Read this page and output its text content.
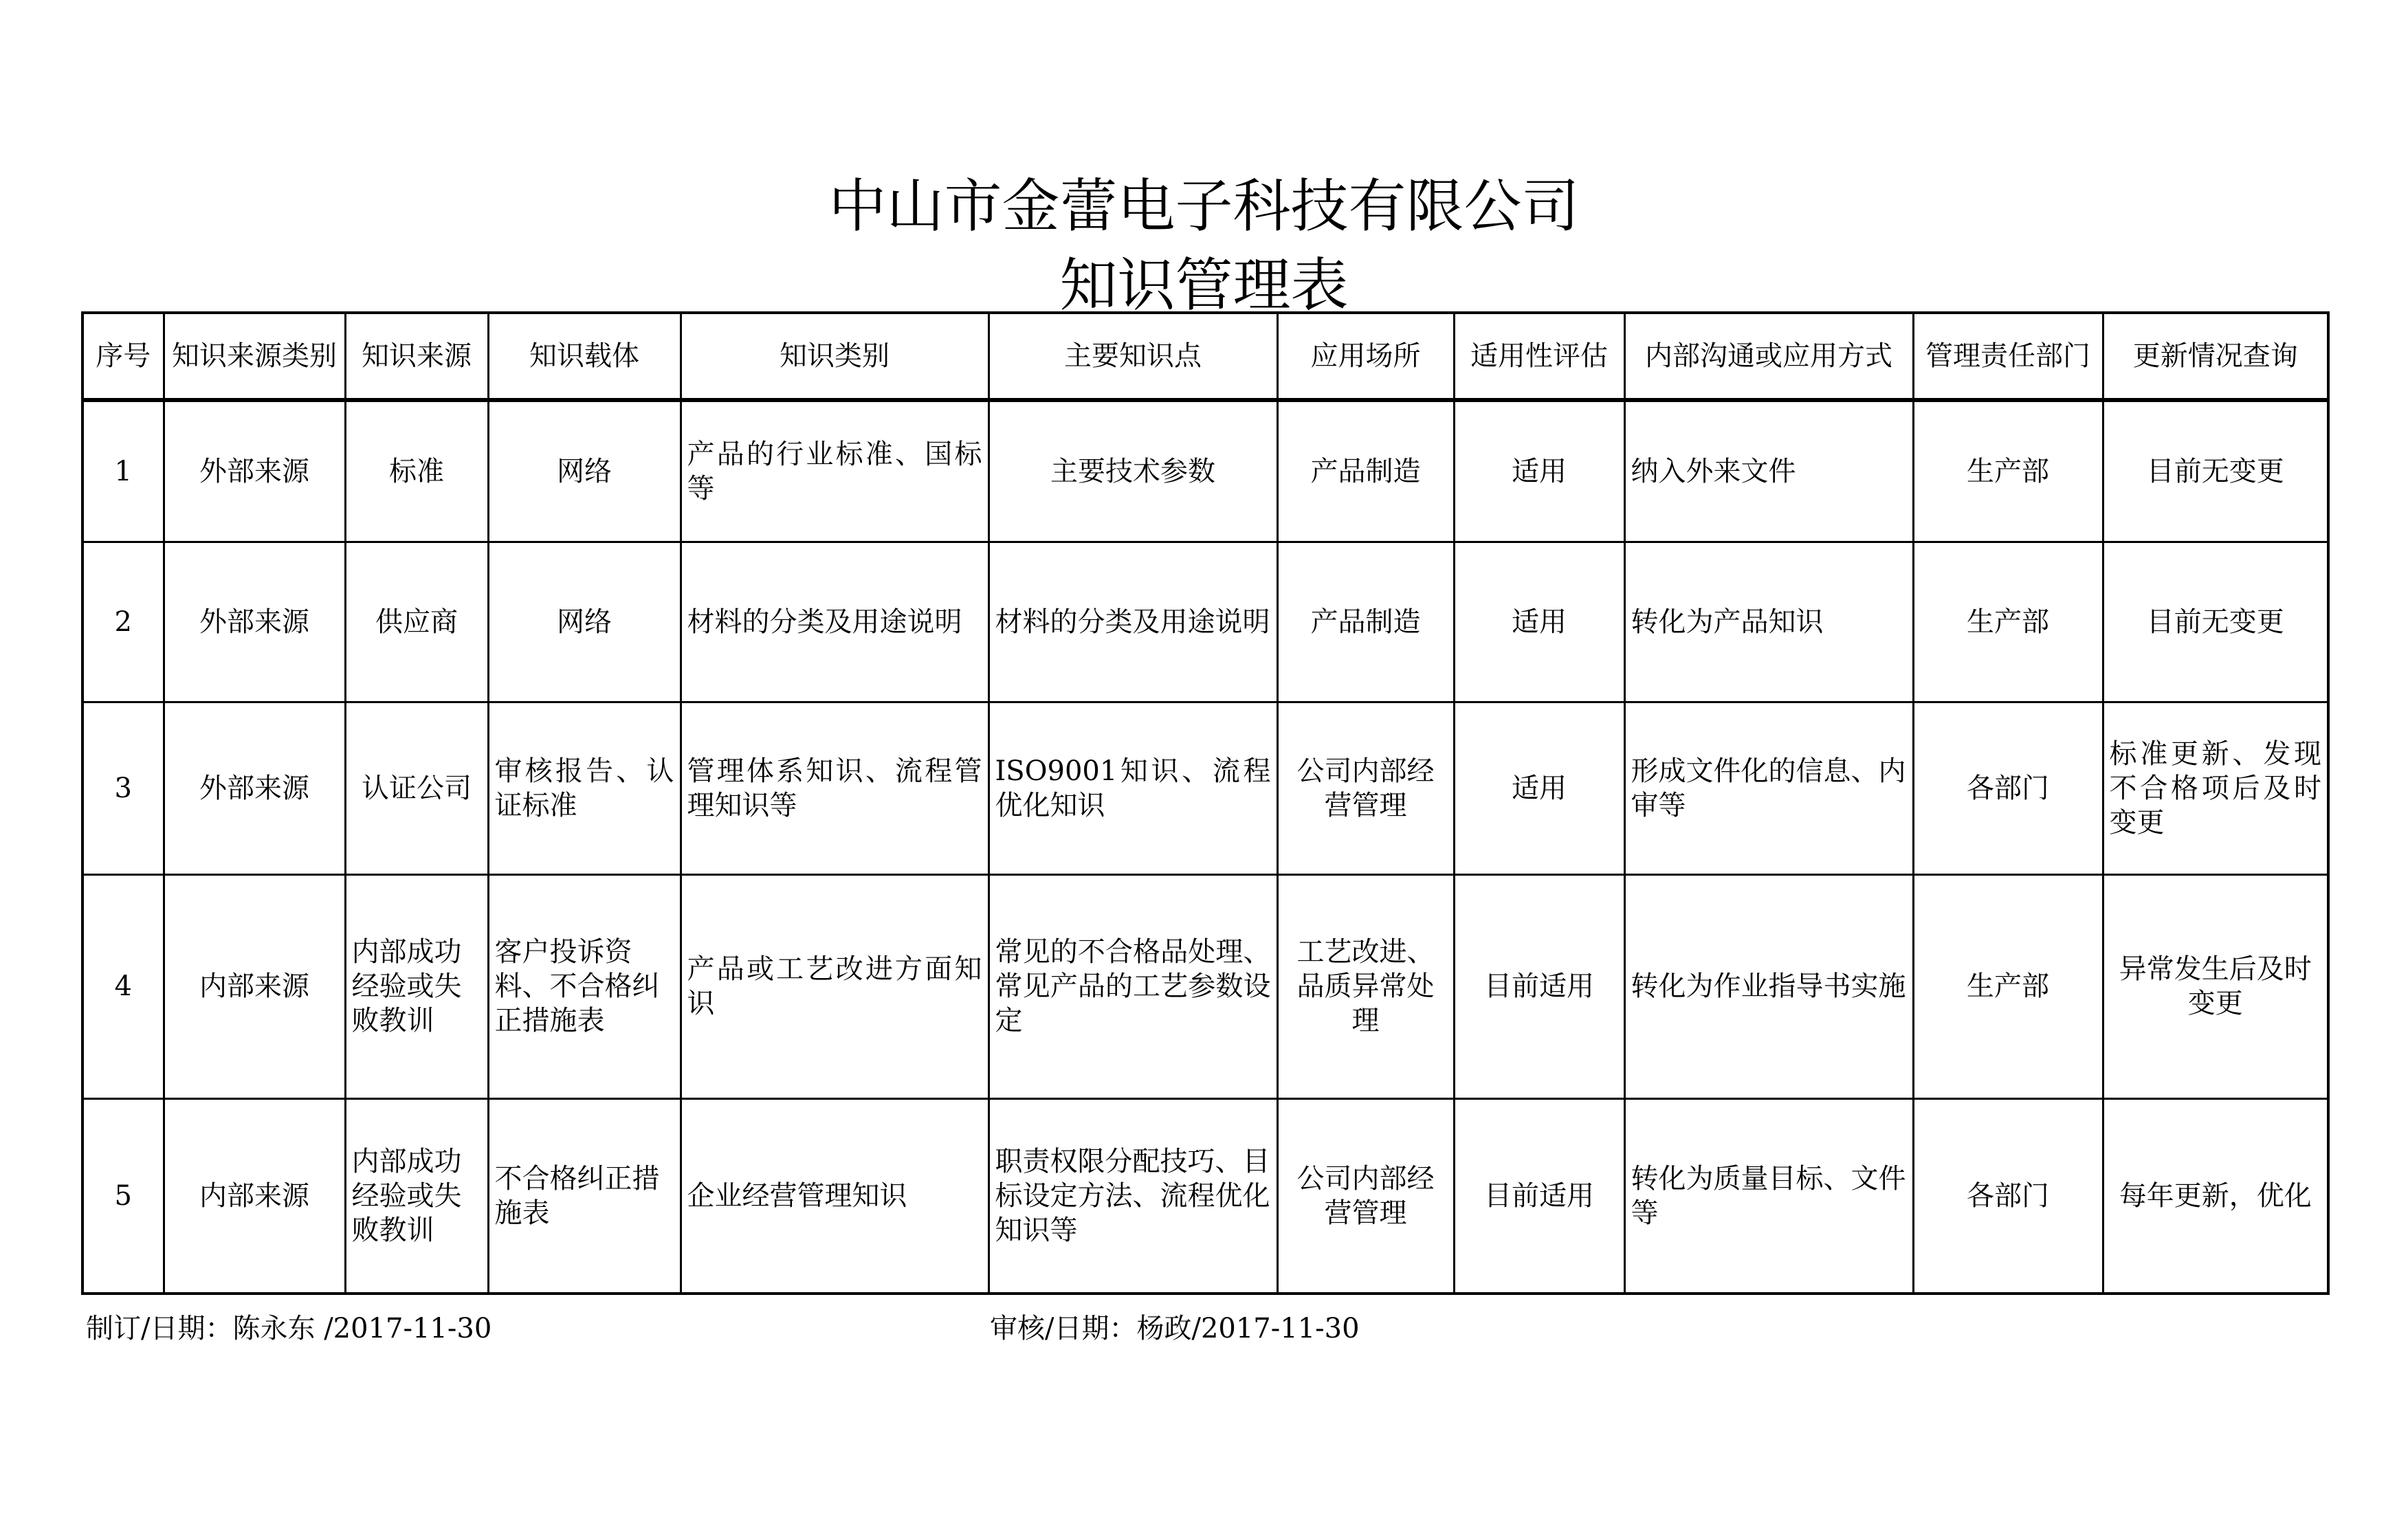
中山市金蕾电子科技有限公司
知识管理表
序号	知识来源类别	知识来源	知识载体	知识类别	主要知识点	应用场所	适用性评估	内部沟通或应用方式	管理责任部门	更新情况查询
1	外部来源	标准	网络	产品的行业标准、国标等	主要技术参数	产品制造	适用	纳入外来文件	生产部	目前无变更
2	外部来源	供应商	网络	材料的分类及用途说明	材料的分类及用途说明	产品制造	适用	转化为产品知识	生产部	目前无变更
3	外部来源	认证公司	审核报告、认证标准	管理体系知识、流程管理知识等	ISO9001知识、流程优化知识	公司内部经营管理	适用	形成文件化的信息、内审等	各部门	标准更新、发现不合格项后及时变更
4	内部来源	内部成功经验或失败教训	客户投诉资料、不合格纠正措施表	产品或工艺改进方面知识	常见的不合格品处理、常见产品的工艺参数设定	工艺改进、品质异常处理	目前适用	转化为作业指导书实施	生产部	异常发生后及时变更
5	内部来源	内部成功经验或失败教训	不合格纠正措施表	企业经营管理知识	职责权限分配技巧、目标设定方法、流程优化知识等	公司内部经营管理	目前适用	转化为质量目标、文件等	各部门	每年更新，优化
制订/日期：陈永东 /2017-11-30	审核/日期：杨政/2017-11-30
